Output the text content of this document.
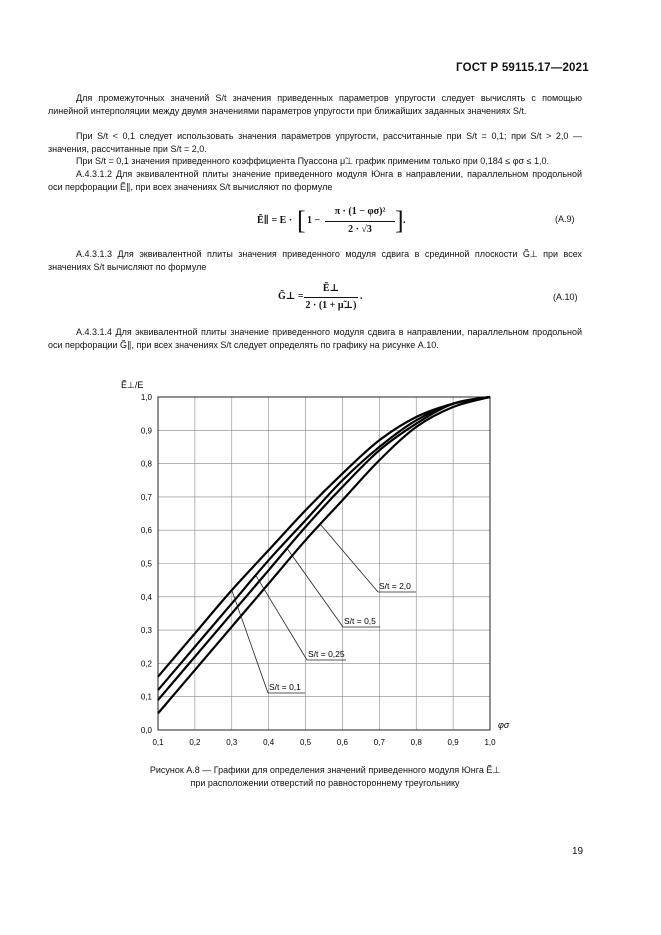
ГОСТ Р 59115.17—2021
Для промежуточных значений S/t значения приведенных параметров упругости следует вычислять с помощью линейной интерполяции между двумя значениями параметров упругости при ближайших заданных значениях S/t.
При S/t < 0,1 следует использовать значения параметров упругости, рассчитанные при S/t = 0,1; при S/t > 2,0 — значения, рассчитанные при S/t = 2,0.
При S/t = 0,1 значения приведенного коэффициента Пуассона μ̃⊥ график применим только при 0,184 ≤ φσ ≤ 1,0.
А.4.3.1.2 Для эквивалентной плиты значение приведенного модуля Юнга в направлении, параллельном продольной оси перфорации Ẽ∥, при всех значениях S/t вычисляют по формуле
Ẽ∥ = E · [ 1 −
π · (1 − φσ)²
2 · √3 ] .	(А.9)
А.4.3.1.3 Для эквивалентной плиты значения приведенного модуля сдвига в срединной плоскости G̃⊥ при всех значениях S/t вычисляют по формуле
G̃⊥ =
Ẽ⊥
2 · (1 + μ̃⊥)
.	(А.10)
А.4.3.1.4 Для эквивалентной плиты значение приведенного модуля сдвига в направлении, параллельном продольной оси перфорации G̃∥, при всех значениях S/t следует определять по графику на рисунке А.10.
0,1	0,2	0,3	0,4	0,5	0,6	0,7	0,8	0,9	1,0
0,0
0,1
0,2
0,3
0,4
0,5
0,6
0,7
0,8
0,9
1,0
S/t = 2,0
S/t = 0,5
S/t = 0,25
S/t = 0,1
Ẽ⊥/E
φσ
Рисунок А.8 — Графики для определения значений приведенного модуля Юнга Ẽ⊥
при расположении отверстий по равностороннему треугольнику
19
